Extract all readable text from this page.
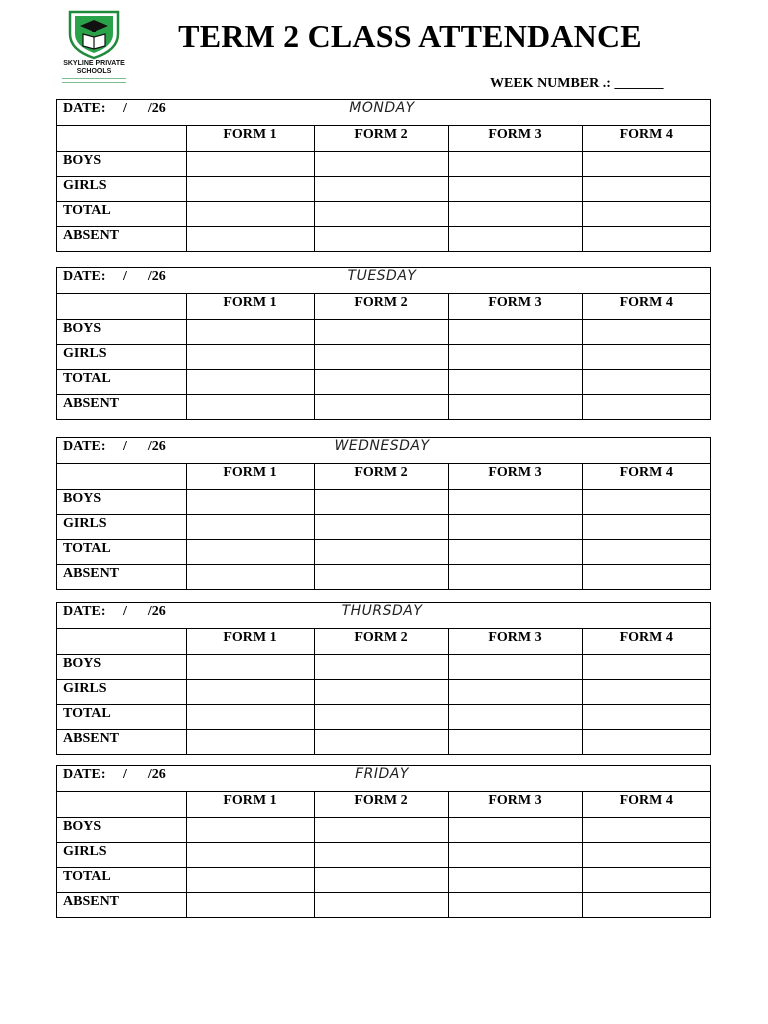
SKYLINE PRIVATE
SCHOOLS
TERM 2 CLASS ATTENDANCE
WEEK NUMBER .: _______
DATE:     /      /26	MONDAY
	FORM 1	FORM 2	FORM 3	FORM 4
BOYS				
GIRLS				
TOTAL				
ABSENT				
DATE:     /      /26	TUESDAY
	FORM 1	FORM 2	FORM 3	FORM 4
BOYS				
GIRLS				
TOTAL				
ABSENT				
DATE:     /      /26	WEDNESDAY
	FORM 1	FORM 2	FORM 3	FORM 4
BOYS				
GIRLS				
TOTAL				
ABSENT				
DATE:     /      /26	THURSDAY
	FORM 1	FORM 2	FORM 3	FORM 4
BOYS				
GIRLS				
TOTAL				
ABSENT				
DATE:     /      /26	FRIDAY
	FORM 1	FORM 2	FORM 3	FORM 4
BOYS				
GIRLS				
TOTAL				
ABSENT				
